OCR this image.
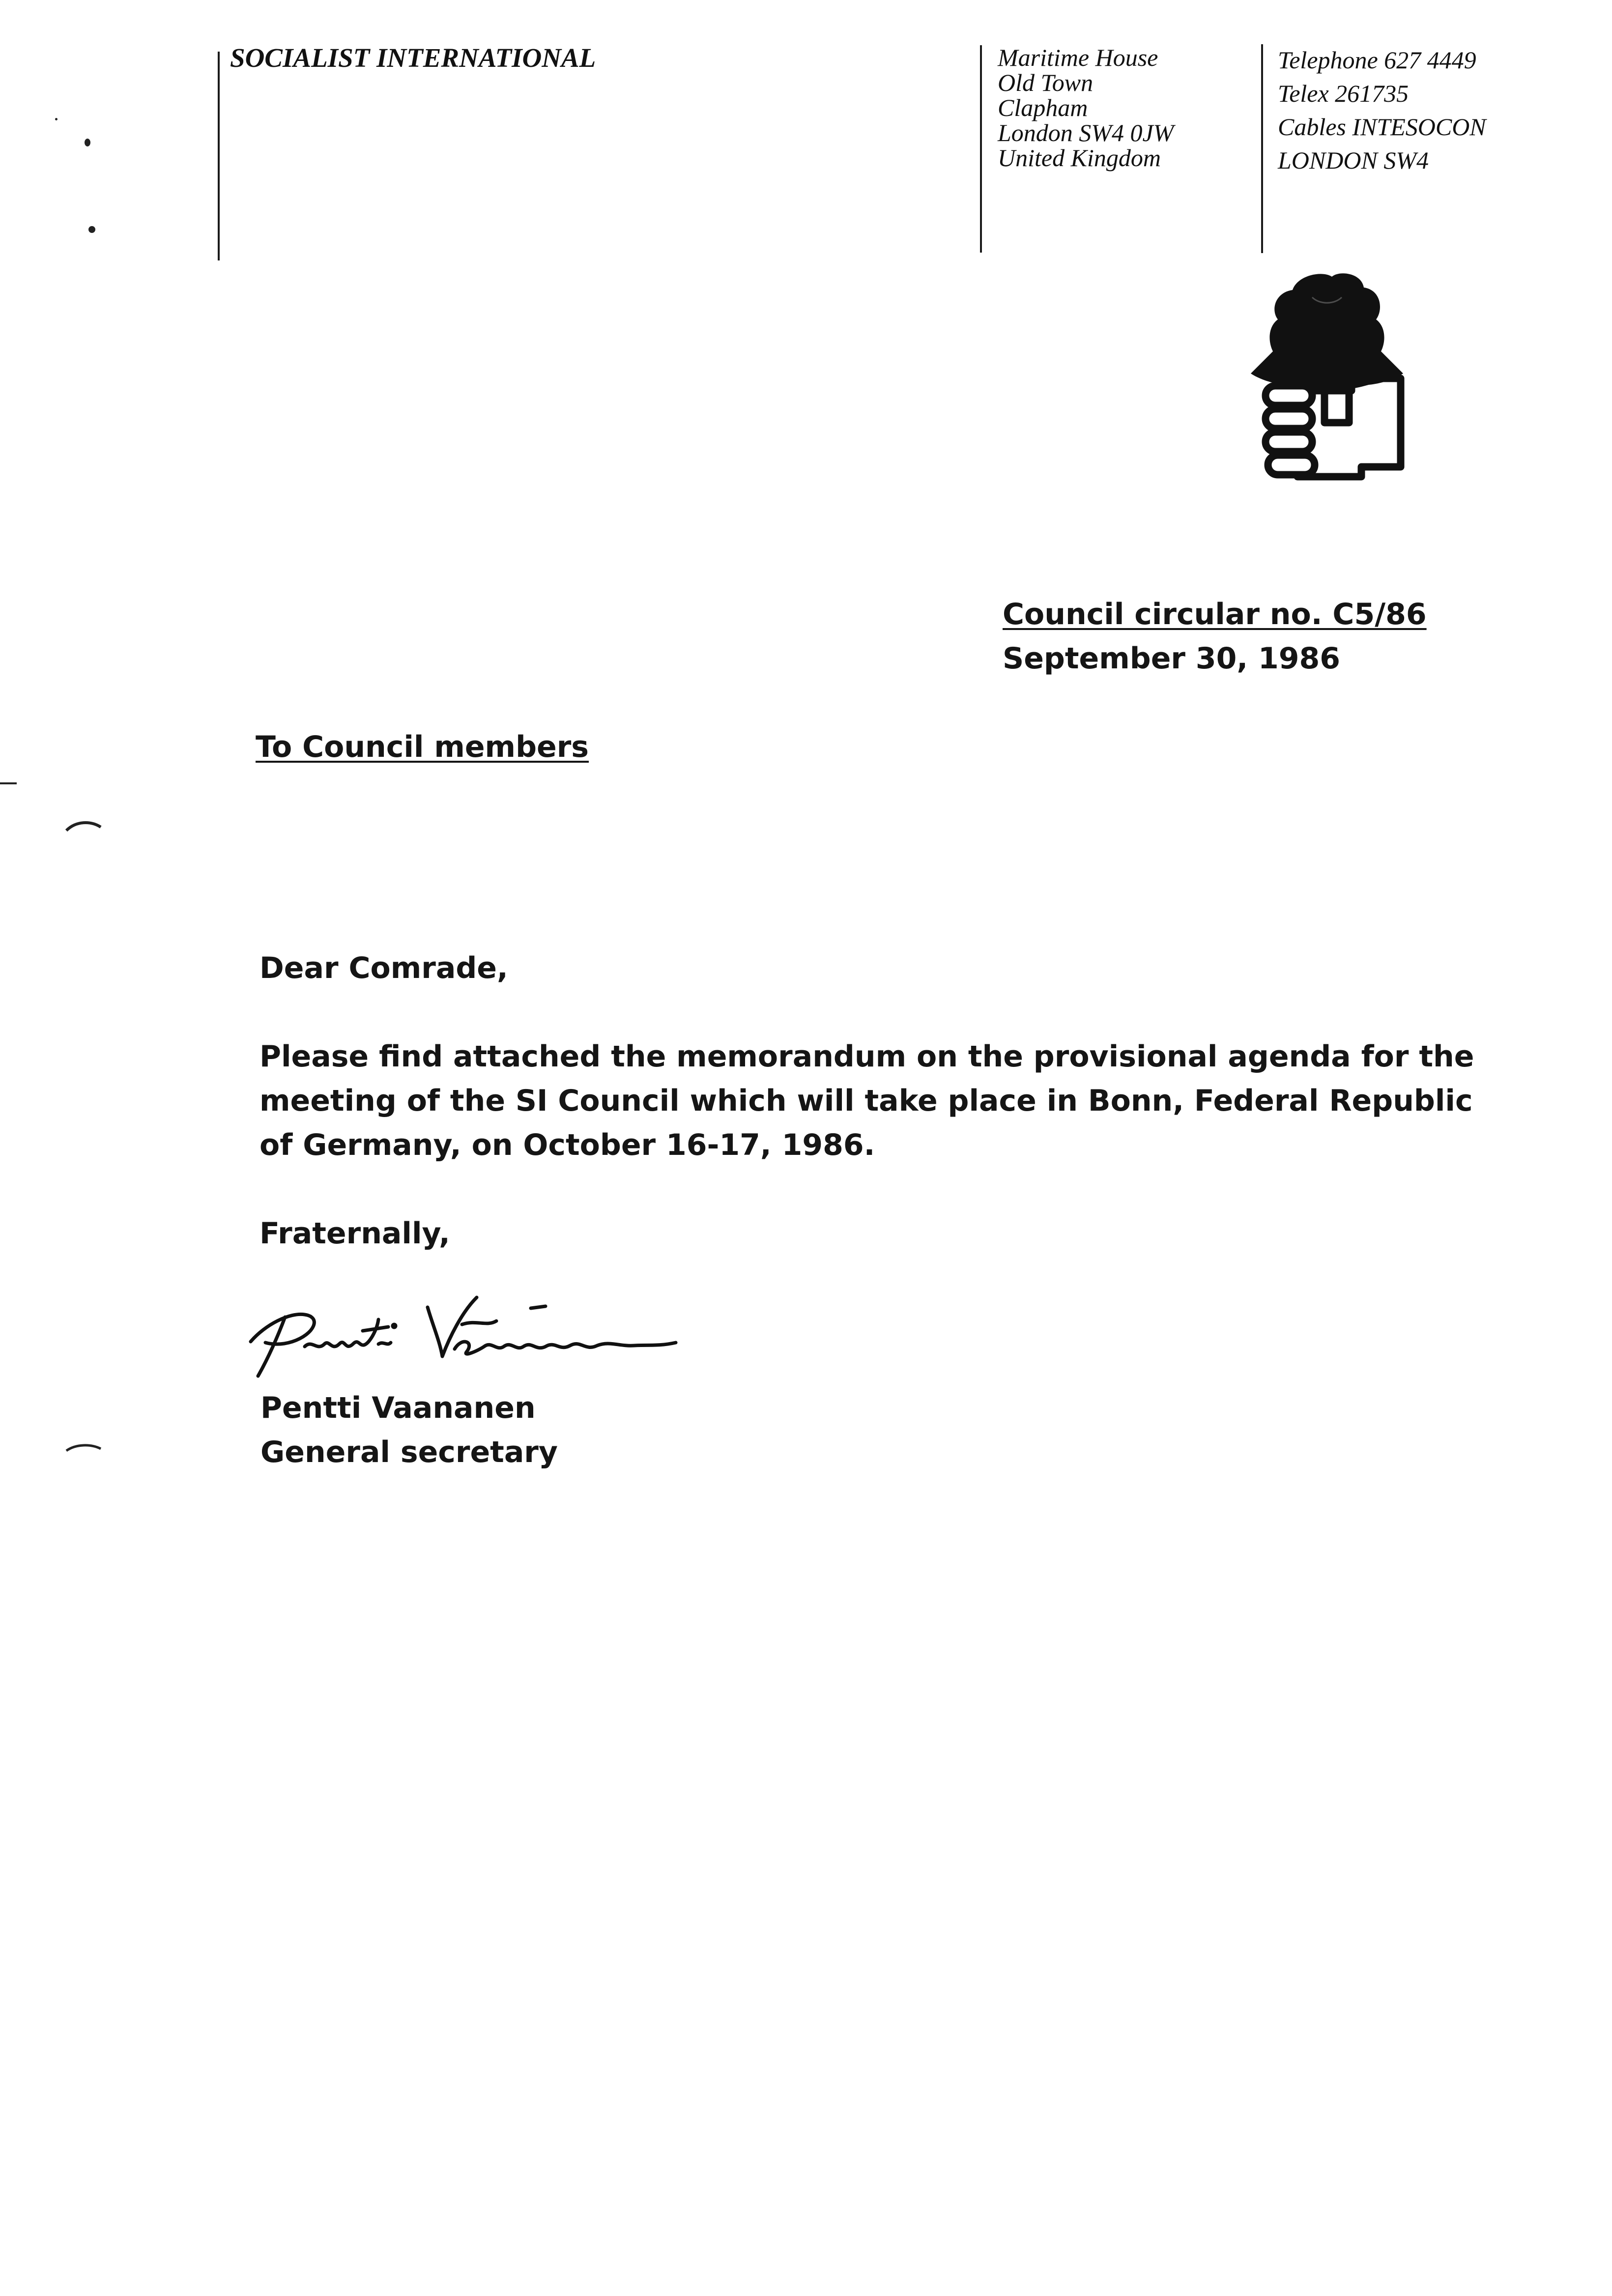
SOCIALIST INTERNATIONAL	Maritime House
Old Town
Clapham
London SW4 0JW
United Kingdom
Telephone 627 4449
Telex 261735
Cables INTESOCON
LONDON SW4
Council circular no. C5/86
September 30, 1986
To Council members
Dear Comrade,
Please find attached the memorandum on the provisional agenda for the
meeting of the SI Council which will take place in Bonn, Federal Republic
of Germany, on October 16-17, 1986.
Fraternally,
Pentti Vaananen
General secretary
